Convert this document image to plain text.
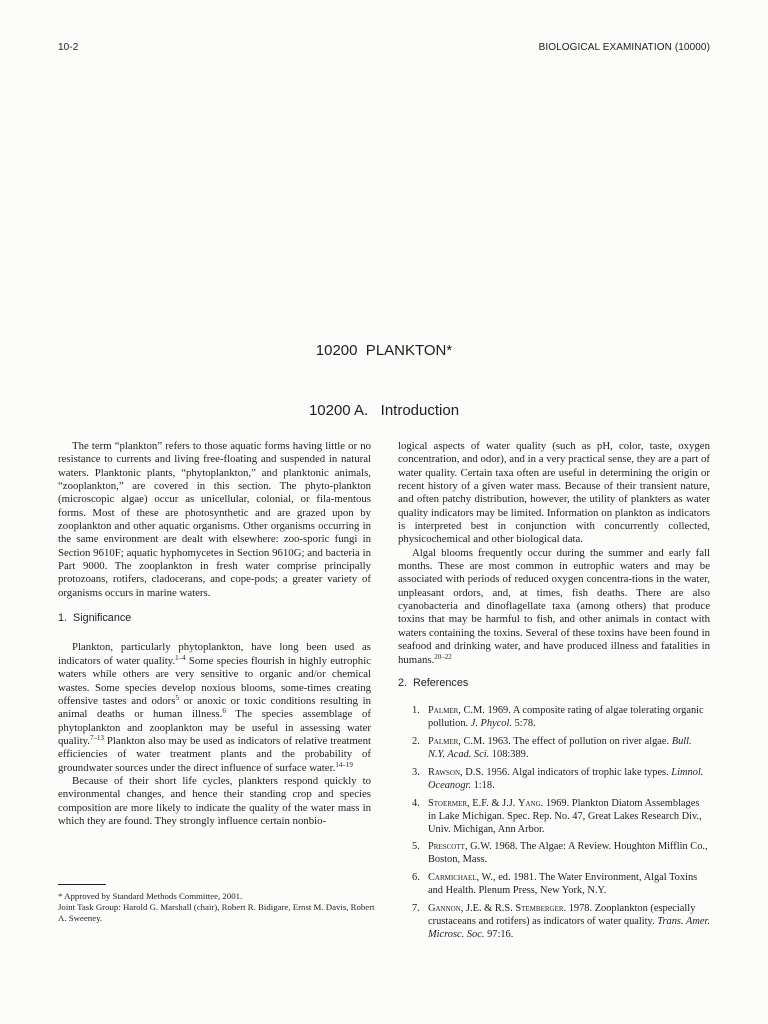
10-2	BIOLOGICAL EXAMINATION (10000)
10200  PLANKTON*
10200 A.   Introduction

The term “plankton” refers to those aquatic forms having little or no resistance to currents and living free-floating and suspended in natural waters. Planktonic plants, “phytoplankton,” and planktonic animals, “zooplankton,” are covered in this section. The phyto-plankton (microscopic algae) occur as unicellular, colonial, or fila-mentous forms. Most of these are photosynthetic and are grazed upon by zooplankton and other aquatic organisms. Other organisms occurring in the same environment are dealt with elsewhere: zoo-sporic fungi in Section 9610F; aquatic hyphomycetes in Section 9610G; and bacteria in Part 9000. The zooplankton in fresh water comprise principally protozoans, rotifers, cladocerans, and cope-pods; a greater variety of organisms occurs in marine waters.

1.  Significance

Plankton, particularly phytoplankton, have long been used as indicators of water quality.$^{1-4}$ Some species flourish in highly eutrophic waters while others are very sensitive to organic and/or chemical wastes. Some species develop noxious blooms, some-times creating offensive tastes and odors$^5$ or anoxic or toxic conditions resulting in animal deaths or human illness.$^6$ The species assemblage of phytoplankton and zooplankton may be useful in assessing water quality.$^{7-13}$ Plankton also may be used as indicators of relative treatment efficiencies of water treatment plants and the probability of groundwater sources under the direct influence of surface water.$^{14-19}$

Because of their short life cycles, plankters respond quickly to environmental changes, and hence their standing crop and species composition are more likely to indicate the quality of the water mass in which they are found. They strongly influence certain nonbio-

logical aspects of water quality (such as pH, color, taste, oxygen concentration, and odor), and in a very practical sense, they are a part of water quality. Certain taxa often are useful in determining the origin or recent history of a given water mass. Because of their transient nature, and often patchy distribution, however, the utility of plankters as water quality indicators may be limited. Information on plankton as indicators is interpreted best in conjunction with concurrently collected, physicochemical and other biological data.

Algal blooms frequently occur during the summer and early fall months. These are most common in eutrophic waters and may be associated with periods of reduced oxygen concentra-tions in the water, unpleasant ordors, and, at times, fish deaths. There are also cyanobacteria and dinoflagellate taxa (among others) that produce toxins that may be harmful to fish, and other animals in contact with waters containing the toxins. Several of these toxins have been found in seafood and drinking water, and have produced illness and fatalities in humans.$^{20-22}$

2.  References
1. Palmer, C.M. 1969. A composite rating of algae tolerating organic pollution. J. Phycol. 5:78.
2. Palmer, C.M. 1963. The effect of pollution on river algae. Bull. N.Y. Acad. Sci. 108:389.
3. Rawson, D.S. 1956. Algal indicators of trophic lake types. Limnol. Oceanogr. 1:18.
4. Stoermer, E.F. & J.J. Yang. 1969. Plankton Diatom Assemblages in Lake Michigan. Spec. Rep. No. 47, Great Lakes Research Div., Univ. Michigan, Ann Arbor.
5. Prescott, G.W. 1968. The Algae: A Review. Houghton Mifflin Co., Boston, Mass.
6. Carmichael, W., ed. 1981. The Water Environment, Algal Toxins and Health. Plenum Press, New York, N.Y.
7. Gannon, J.E. & R.S. Stemberger. 1978. Zooplankton (especially crustaceans and rotifers) as indicators of water quality. Trans. Amer. Microsc. Soc. 97:16.
* Approved by Standard Methods Committee, 2001.
Joint Task Group: Harold G. Marshall (chair), Robert R. Bidigare, Ernst M. Davis, Robert A. Sweeney.
